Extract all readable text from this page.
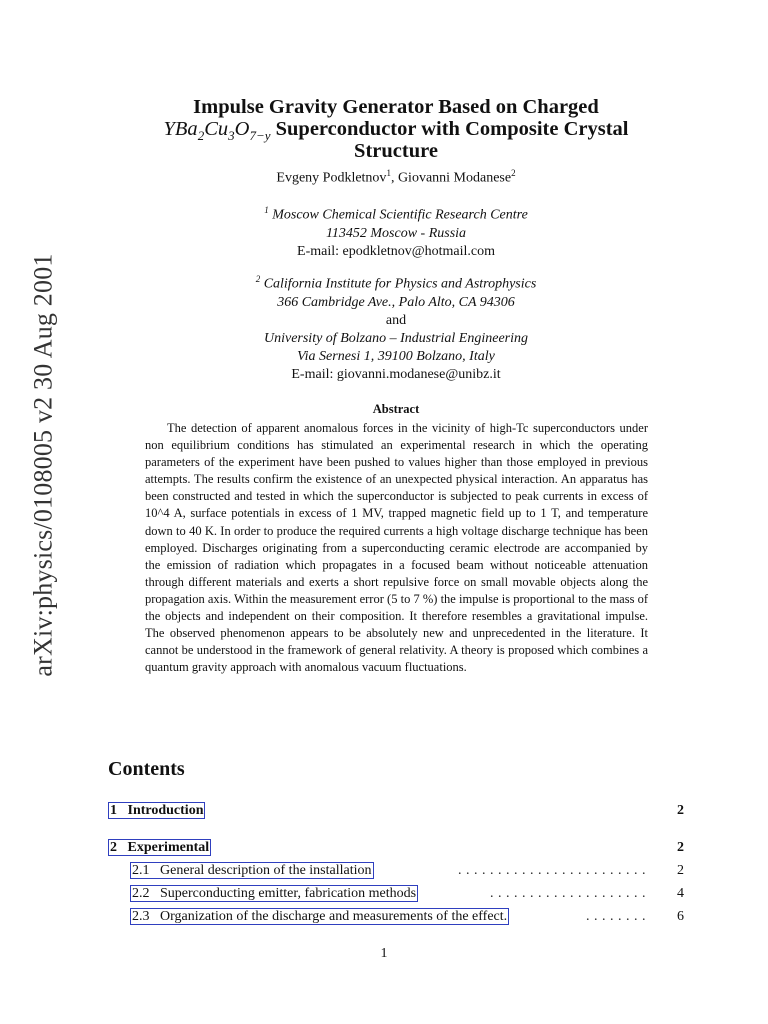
arXiv:physics/0108005 v2 30 Aug 2001
Impulse Gravity Generator Based on Charged
$YBa_2Cu_3O_{7-y}$ Superconductor with Composite Crystal
Structure
Evgeny Podkletnov$^1$, Giovanni Modanese$^2$
$^1$ Moscow Chemical Scientific Research Centre
113452 Moscow - Russia
E-mail: epodkletnov@hotmail.com
$^2$ California Institute for Physics and Astrophysics
366 Cambridge Ave., Palo Alto, CA 94306
and
University of Bolzano – Industrial Engineering
Via Sernesi 1, 39100 Bolzano, Italy
E-mail: giovanni.modanese@unibz.it
Abstract
The detection of apparent anomalous forces in the vicinity of high-Tc superconductors under non equilibrium conditions has stimulated an experimental research in which the operating parameters of the experiment have been pushed to values higher than those employed in previous attempts. The results confirm the existence of an unexpected physical interaction. An apparatus has been constructed and tested in which the superconductor is subjected to peak currents in excess of 10^4 A, surface potentials in excess of 1 MV, trapped magnetic field up to 1 T, and temperature down to 40 K. In order to produce the required currents a high voltage discharge technique has been employed. Discharges originating from a superconducting ceramic electrode are accompanied by the emission of radiation which propagates in a focused beam without noticeable attenuation through different materials and exerts a short repulsive force on small movable objects along the propagation axis. Within the measurement error (5 to 7 %) the impulse is proportional to the mass of the objects and independent on their composition. It therefore resembles a gravitational impulse. The observed phenomenon appears to be absolutely new and unprecedented in the literature. It cannot be understood in the framework of general relativity. A theory is proposed which combines a quantum gravity approach with anomalous vacuum fluctuations.
Contents
1 Introduction	2
2 Experimental	2
2.1 General description of the installation	........................ 2
2.2 Superconducting emitter, fabrication methods	.................... 4
2.3 Organization of the discharge and measurements of the effect.	........ 6
1
